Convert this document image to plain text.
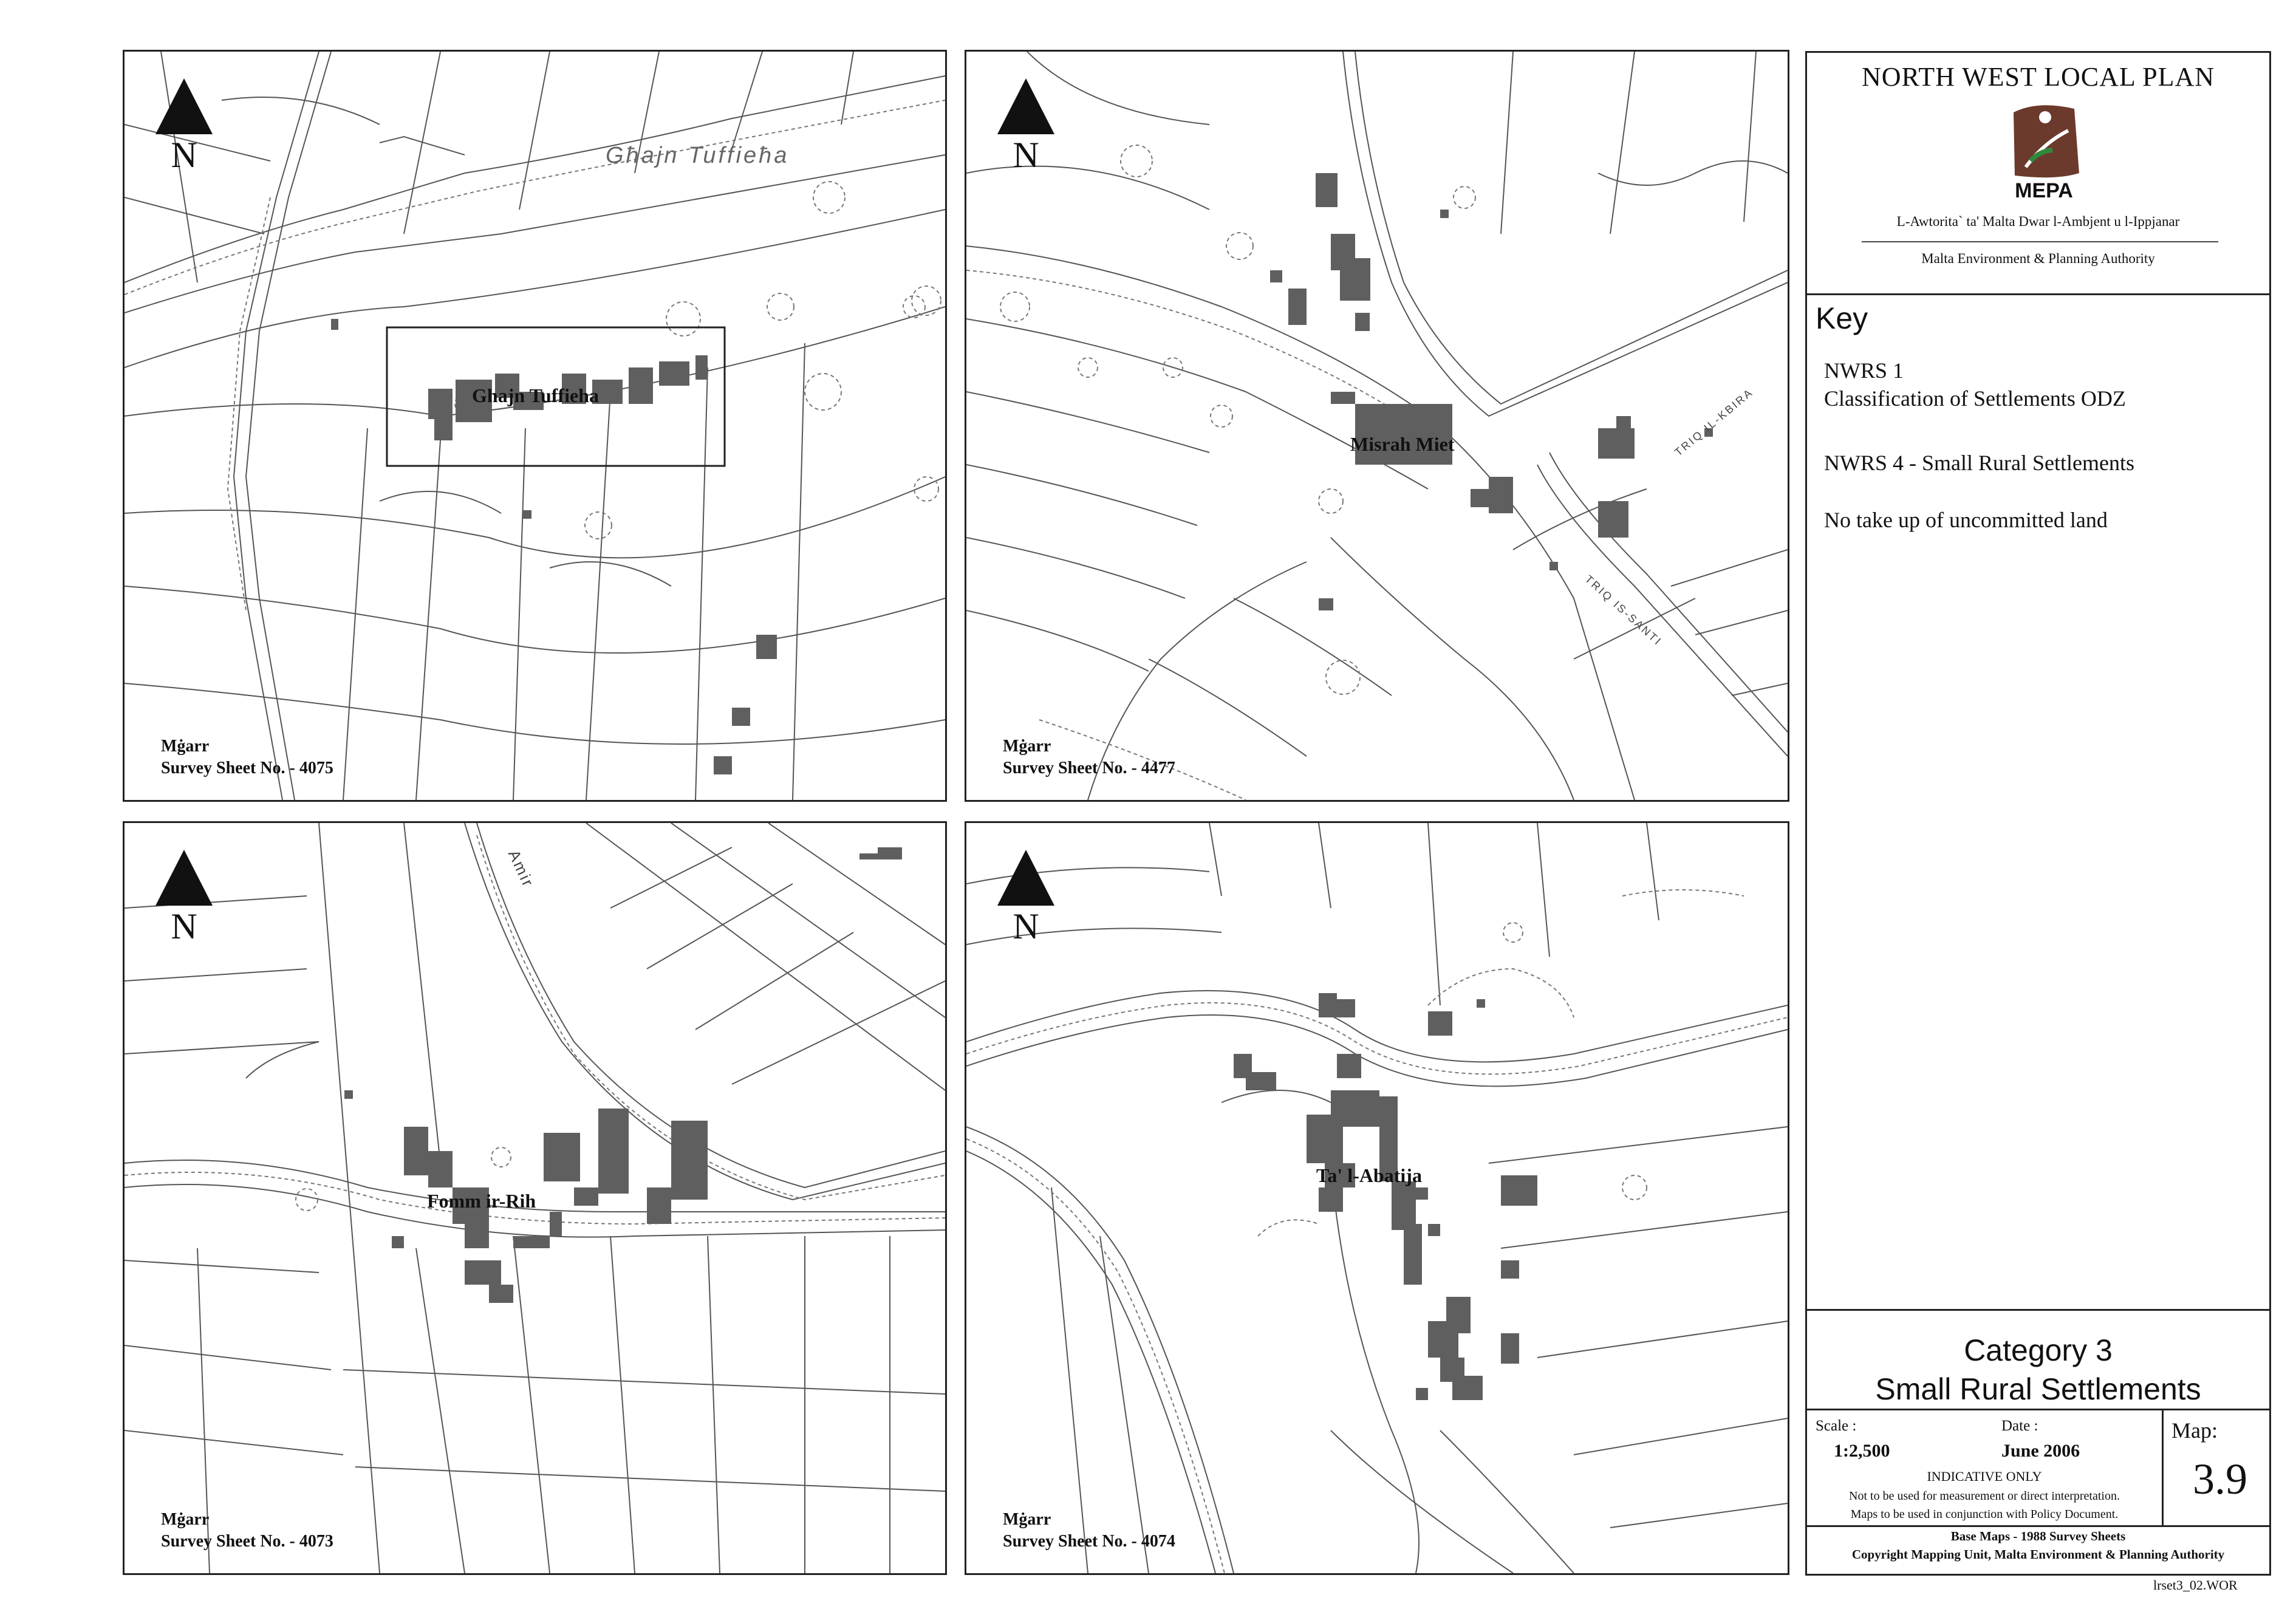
N	Għajn Tuffieħa
Ghajn Tuffieha
Mġarr
Survey Sheet No. - 4075
N
TRIQ IL-KBIRA
TRIQ IS-SANTI
Misrah Miet
Mġarr
Survey Sheet No. - 4477
N
Amir
Fomm ir-Rih
Mġarr
Survey Sheet No. - 4073
N
Ta' l-Abatija
Mġarr
Survey Sheet No. - 4074
NORTH WEST LOCAL PLAN
MEPA
L-Awtorita` ta' Malta Dwar l-Ambjent u l-Ippjanar
Malta Environment & Planning Authority
Key
NWRS 1
Classification of Settlements ODZ
NWRS 4 - Small Rural Settlements
No take up of uncommitted land
Category 3
Small Rural Settlements
Scale :
1:2,500
Date :
June 2006
INDICATIVE ONLY
Not to be used for measurement or direct interpretation.
Maps to be used in conjunction with Policy Document.
Map:
3.9
Base Maps - 1988 Survey Sheets
Copyright Mapping Unit, Malta Environment & Planning Authority
lrset3_02.WOR
